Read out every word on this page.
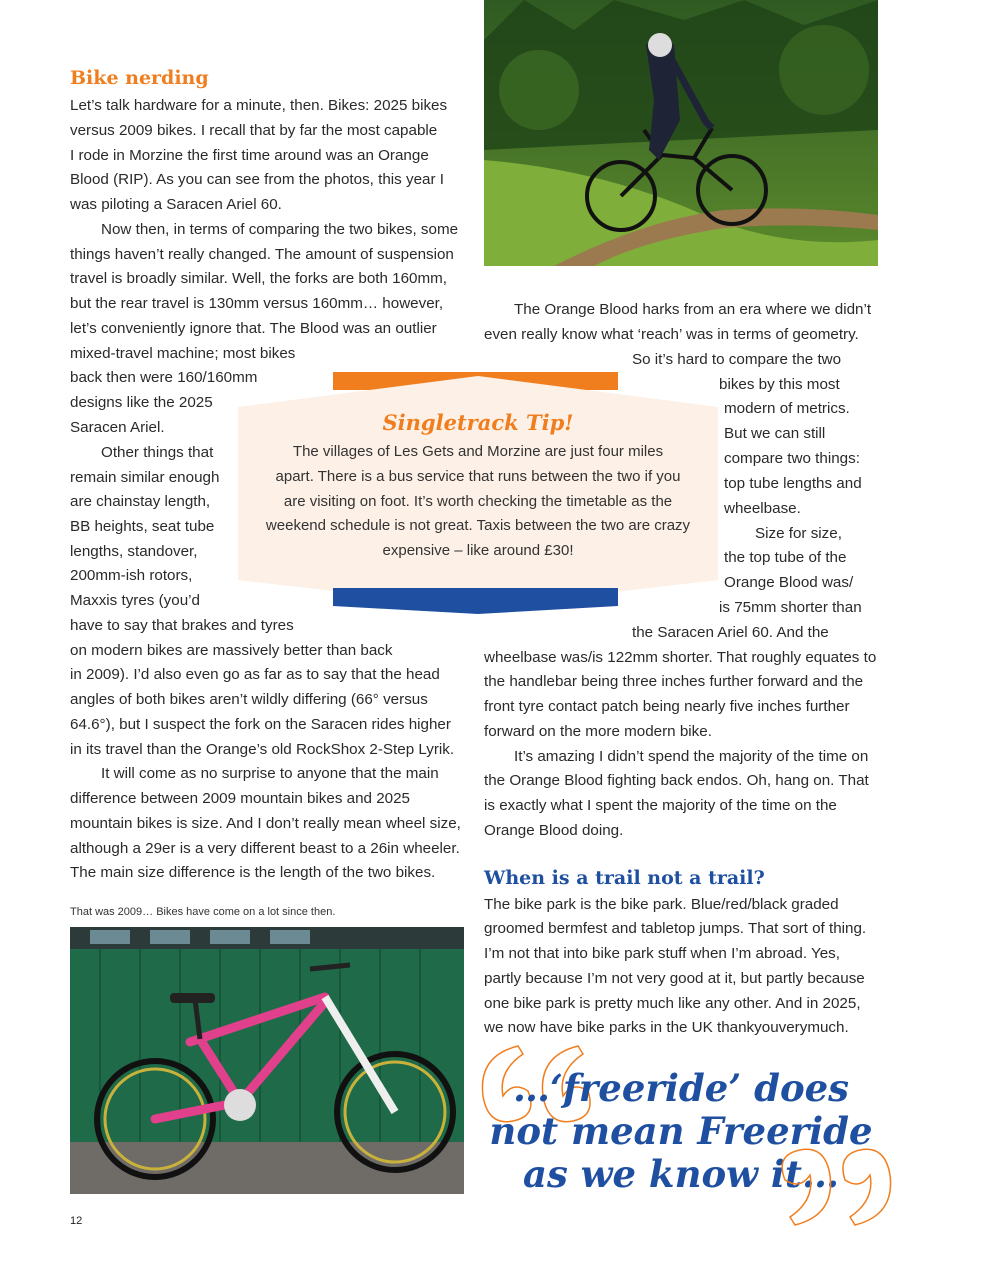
Bike nerding
Let’s talk hardware for a minute, then. Bikes: 2025 bikes
versus 2009 bikes. I recall that by far the most capable
I rode in Morzine the first time around was an Orange
Blood (RIP). As you can see from the photos, this year I
was piloting a Saracen Ariel 60.
Now then, in terms of comparing the two bikes, some
things haven’t really changed. The amount of suspension
travel is broadly similar. Well, the forks are both 160mm,
but the rear travel is 130mm versus 160mm… however,
let’s conveniently ignore that. The Blood was an outlier
mixed-travel machine; most bikes
back then were 160/160mm
designs like the 2025
Saracen Ariel.
Other things that
remain similar enough
are chainstay length,
BB heights, seat tube
lengths, standover,
200mm-ish rotors,
Maxxis tyres (you’d
have to say that brakes and tyres
on modern bikes are massively better than back
in 2009). I’d also even go as far as to say that the head
angles of both bikes aren’t wildly differing (66° versus
64.6°), but I suspect the fork on the Saracen rides higher
in its travel than the Orange’s old RockShox 2-Step Lyrik.
It will come as no surprise to anyone that the main
difference between 2009 mountain bikes and 2025
mountain bikes is size. And I don’t really mean wheel size,
although a 29er is a very different beast to a 26in wheeler.
The main size difference is the length of the two bikes.
That was 2009… Bikes have come on a lot since then.
The Orange Blood harks from an era where we didn’t
even really know what ‘reach’ was in terms of geometry.
So it’s hard to compare the two
bikes by this most
modern of metrics.
But we can still
compare two things:
top tube lengths and
wheelbase.
Size for size,
the top tube of the
Orange Blood was/
is 75mm shorter than
the Saracen Ariel 60. And the
wheelbase was/is 122mm shorter. That roughly equates to
the handlebar being three inches further forward and the
front tyre contact patch being nearly five inches further
forward on the more modern bike.
It’s amazing I didn’t spend the majority of the time on
the Orange Blood fighting back endos. Oh, hang on. That
is exactly what I spent the majority of the time on the
Orange Blood doing.
When is a trail not a trail?
The bike park is the bike park. Blue/red/black graded
groomed bermfest and tabletop jumps. That sort of thing.
I’m not that into bike park stuff when I’m abroad. Yes,
partly because I’m not very good at it, but partly because
one bike park is pretty much like any other. And in 2025,
we now have bike parks in the UK thankyouverymuch.
Singletrack Tip!
The villages of Les Gets and Morzine are just four miles
apart. There is a bus service that runs between the two if you
are visiting on foot. It’s worth checking the timetable as the
weekend schedule is not great. Taxis between the two are crazy
expensive – like around £30!
…‘freeride’ does
not mean Freeride
as we know it…
12
